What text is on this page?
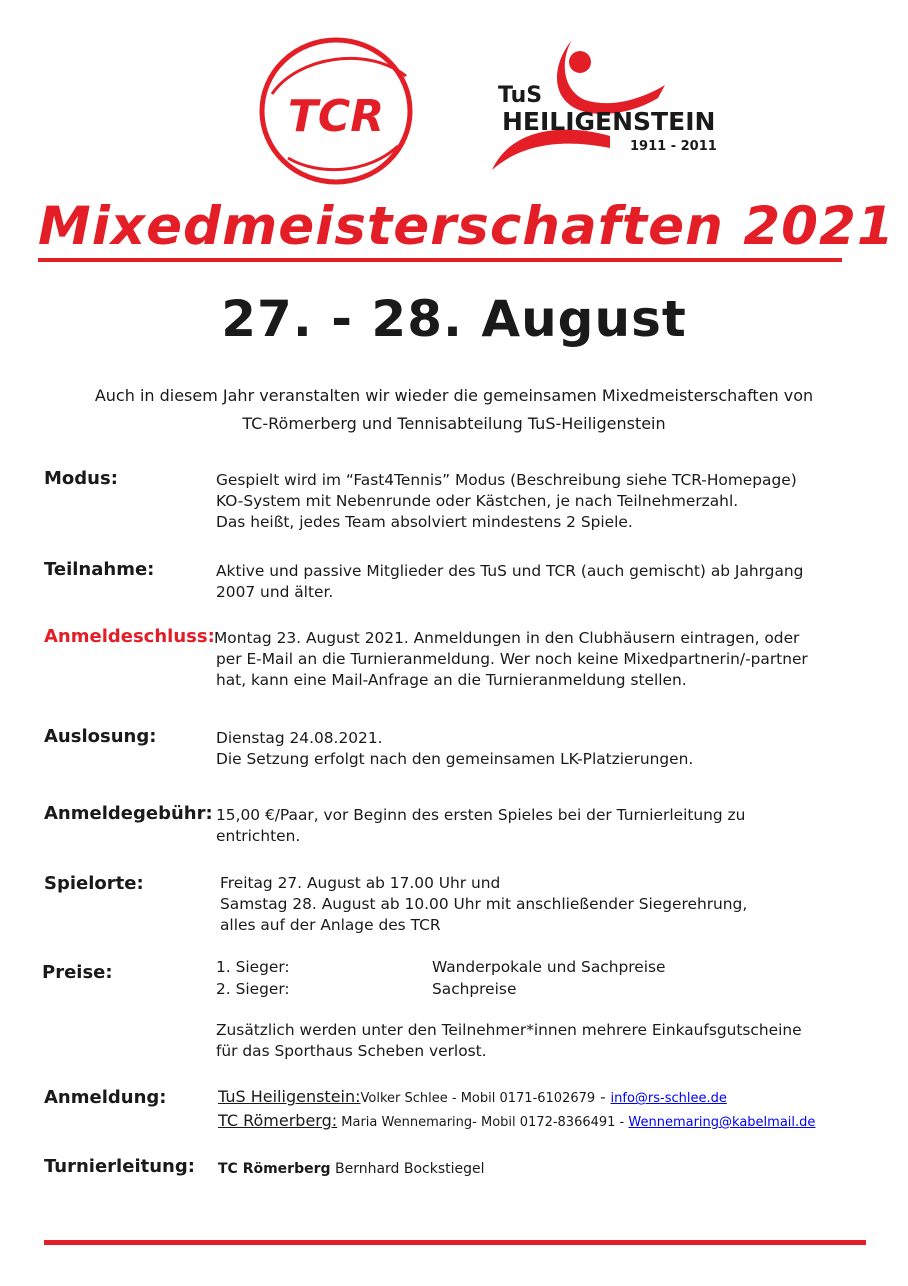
TCR	TuS
HEILIGENSTEIN
1911 - 2011
Mixedmeisterschaften 2021
27. - 28. August
Auch in diesem Jahr veranstalten wir wieder die gemeinsamen Mixedmeisterschaften von
TC-Römerberg und Tennisabteilung TuS-Heiligenstein
Modus:	Gespielt wird im “Fast4Tennis” Modus (Beschreibung siehe TCR-Homepage)
KO-System mit Nebenrunde oder Kästchen, je nach Teilnehmerzahl.
Das heißt, jedes Team absolviert mindestens 2 Spiele.
Teilnahme:	Aktive und passive Mitglieder des TuS und TCR (auch gemischt) ab Jahrgang
2007 und älter.
Anmeldeschluss: Montag 23. August 2021. Anmeldungen in den Clubhäusern eintragen, oder
per E-Mail an die Turnieranmeldung. Wer noch keine Mixedpartnerin/-partner
hat, kann eine Mail-Anfrage an die Turnieranmeldung stellen.
Auslosung:	Dienstag 24.08.2021.
Die Setzung erfolgt nach den gemeinsamen LK-Platzierungen.
Anmeldegebühr: 15,00 €/Paar, vor Beginn des ersten Spieles bei der Turnierleitung zu
entrichten.
Spielorte:	Freitag 27. August ab 17.00 Uhr und
Samstag 28. August ab 10.00 Uhr mit anschließender Siegerehrung,
alles auf der Anlage des TCR
Preise:	1. Sieger:	Wanderpokale und Sachpreise
2. Sieger:	Sachpreise
Zusätzlich werden unter den Teilnehmer*innen mehrere Einkaufsgutscheine
für das Sporthaus Scheben verlost.
Anmeldung:	TuS Heiligenstein:Volker Schlee - Mobil 0171-6102679 - info@rs-schlee.de
TC Römerberg: Maria Wennemaring- Mobil 0172-8366491 - Wennemaring@kabelmail.de
Turnierleitung: TC Römerberg Bernhard Bockstiegel
